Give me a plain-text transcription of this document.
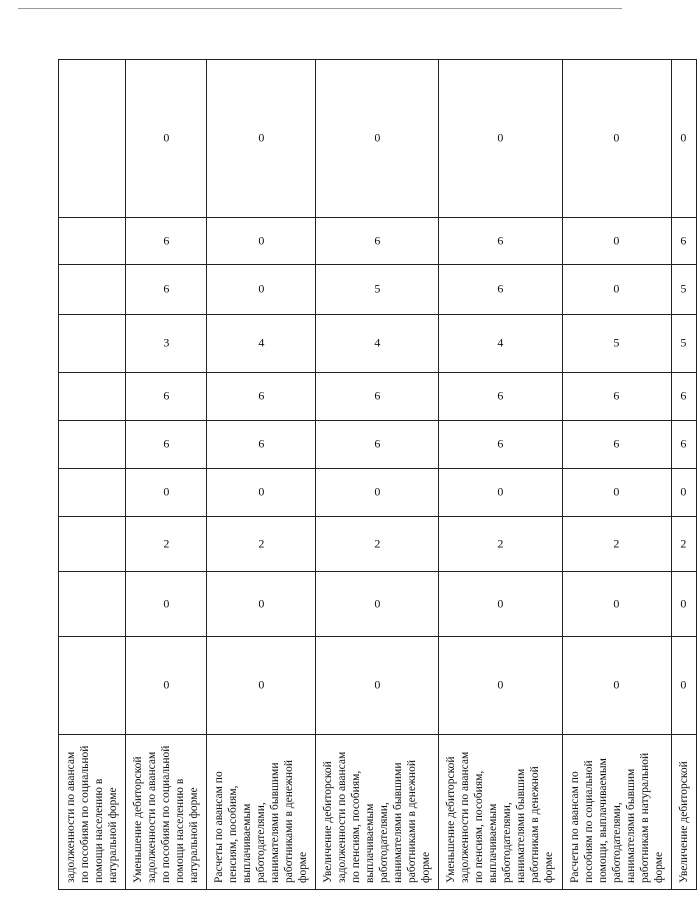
задолженности по авансам по пособиям по социальной помощи населению в натуральной форме										
Уменьшение дебиторской задолженности по авансам по пособиям по социальной помощи населению в натуральной форме	0	0	2	0	6	6	3	6	6	0
Расчеты по авансам по пенсиям, пособиям, выплачиваемым работодателями, нанимателями бывшими работниками в денежной форме	0	0	2	0	6	6	4	0	0	0
Увеличение дебиторской задолженности по авансам по пенсиям, пособиям, выплачиваемым работодателями, нанимателями бывшими работниками в денежной форме	0	0	2	0	6	6	4	5	6	0
Уменьшение дебиторской задолженности по авансам по пенсиям, пособиям, выплачиваемым работодателями, нанимателями бывшим работникам в денежной форме	0	0	2	0	6	6	4	6	6	0
Расчеты по авансам по пособиям по социальной помощи, выплачиваемым работодателями, нанимателями бывшим работникам в натуральной форме	0	0	2	0	6	6	5	0	0	0
Увеличение дебиторской	0	0	2	0	6	6	5	5	6	0
